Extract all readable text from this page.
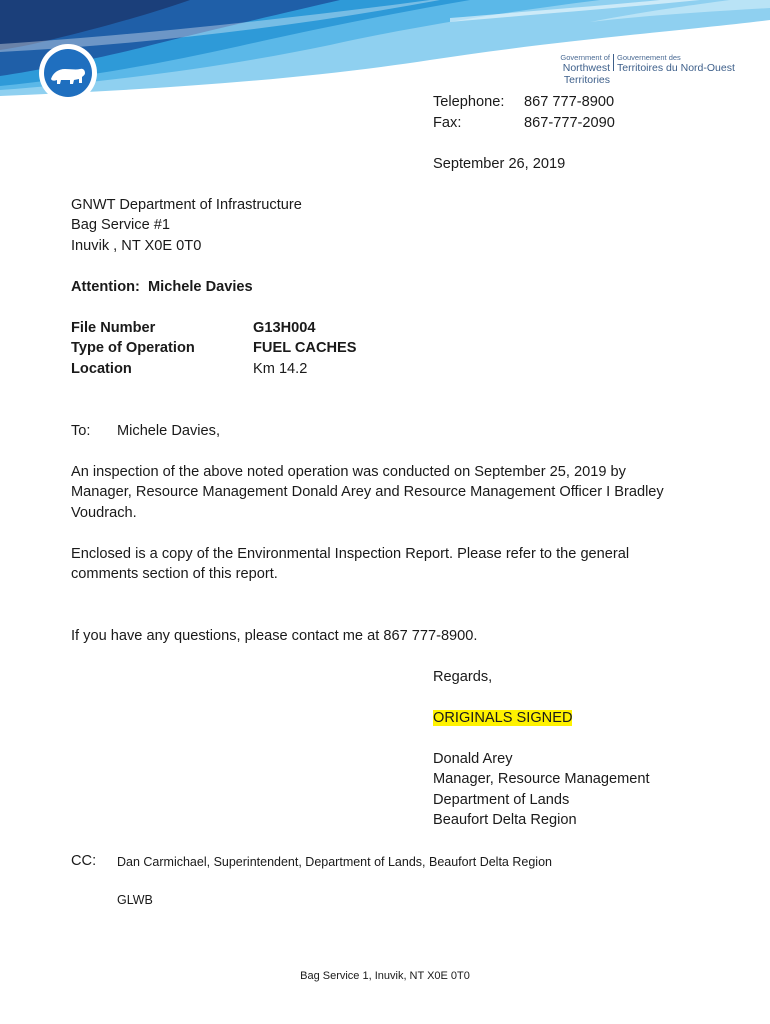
Government of
Northwest Territories
Gouvernement des
Territoires du Nord-Ouest
Telephone: 867 777-8900
Fax:	867-777-2090
September 26, 2019
GNWT Department of Infrastructure
Bag Service #1
Inuvik , NT X0E 0T0
Attention: Michele Davies
File Number	G13H004
Type of Operation	FUEL CACHES
Location	Km 14.2
To: Michele Davies,
An inspection of the above noted operation was conducted on September 25, 2019 by
Manager, Resource Management Donald Arey and Resource Management Officer I Bradley
Voudrach.
Enclosed is a copy of the Environmental Inspection Report. Please refer to the general
comments section of this report.
If you have any questions, please contact me at 867 777-8900.
Regards,
ORIGINALS SIGNED
Donald Arey
Manager, Resource Management
Department of Lands
Beaufort Delta Region
CC: Dan Carmichael, Superintendent, Department of Lands, Beaufort Delta Region
GLWB
Bag Service 1, Inuvik, NT X0E 0T0
